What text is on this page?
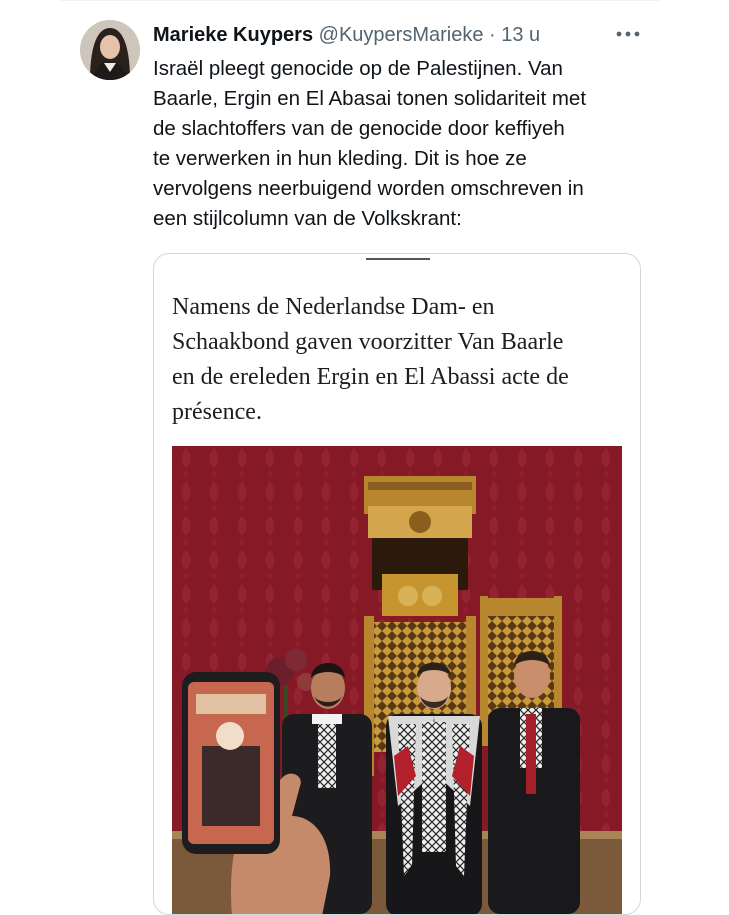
Marieke Kuypers @KuypersMarieke · 13 u
Israël pleegt genocide op de Palestijnen. Van
Baarle, Ergin en El Abasai tonen solidariteit met
de slachtoffers van de genocide door keffiyeh
te verwerken in hun kleding. Dit is hoe ze
vervolgens neerbuigend worden omschreven in
een stijlcolumn van de Volkskrant:
Namens de Nederlandse Dam- en
Schaakbond gaven voorzitter Van Baarle
en de ereleden Ergin en El Abassi acte de
présence.
